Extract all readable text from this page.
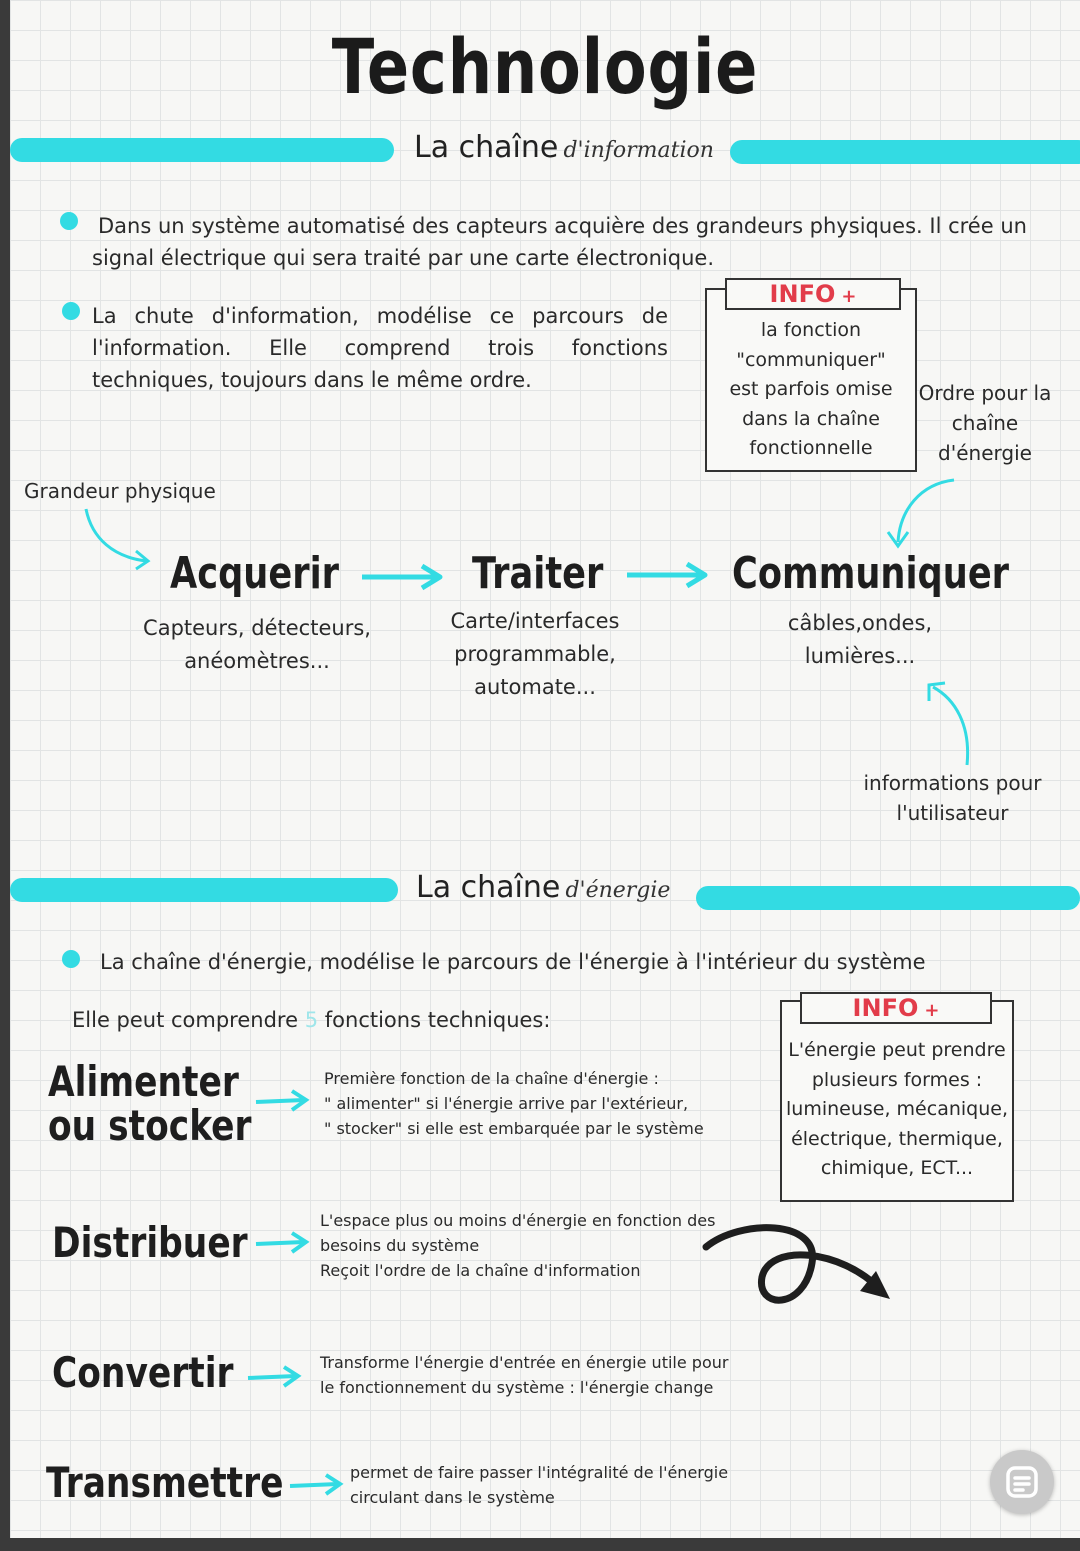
Technologie
La chaîne d'information
Dans un système automatisé des capteurs acquière des grandeurs physiques. Il crée un signal électrique qui sera traité par une carte électronique.
La chute d'information, modélise ce parcours de l'information. Elle comprend trois fonctions techniques, toujours dans le même ordre.
la fonction
"communiquer"
est parfois omise
dans la chaîne
fonctionnelle
INFO +
Ordre pour la
chaîne
d'énergie
Grandeur physique
Acquerir
Capteurs, détecteurs,
anéomètres...
Traiter
Carte/interfaces
programmable, automate...
Communiquer
câbles,ondes,
lumières...
informations pour
l'utilisateur
La chaîne d'énergie
La chaîne d'énergie, modélise le parcours de l'énergie à l'intérieur du système
Elle peut comprendre 5 fonctions techniques:
L'énergie peut prendre
plusieurs formes :
lumineuse, mécanique,
électrique, thermique,
chimique, ECT...
INFO +
Alimenter
ou stocker
Première fonction de la chaîne d'énergie :
" alimenter" si l'énergie arrive par l'extérieur,
" stocker" si elle est embarquée par le système
Distribuer	L'espace plus ou moins d'énergie en fonction des
besoins du système
Reçoit l'ordre de la chaîne d'information
Convertir	Transforme l'énergie d'entrée en énergie utile pour
le fonctionnement du système : l'énergie change
Transmettre	permet de faire passer l'intégralité de l'énergie
circulant dans le système
